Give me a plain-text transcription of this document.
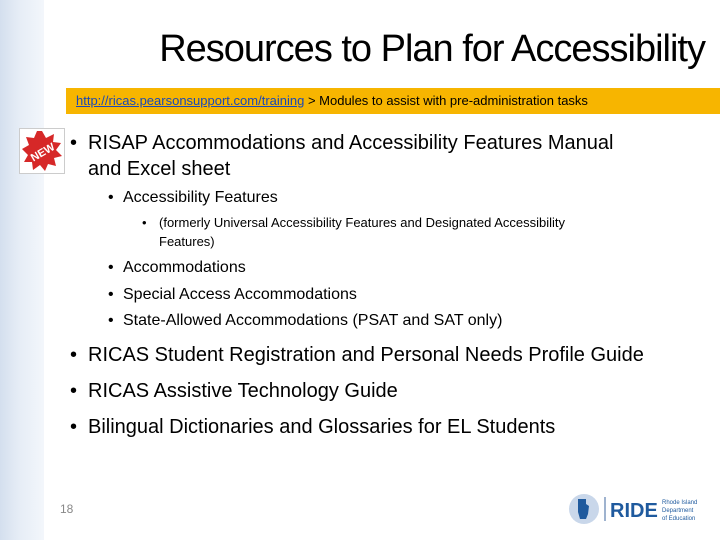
Resources to Plan for Accessibility
http://ricas.pearsonsupport.com/training > Modules to assist with pre-administration tasks
NEW • RISAP Accommodations and Accessibility Features Manual
and Excel sheet
• Accessibility Features
• (formerly Universal Accessibility Features and Designated Accessibility
Features)
• Accommodations
• Special Access Accommodations
• State-Allowed Accommodations (PSAT and SAT only)
• RICAS Student Registration and Personal Needs Profile Guide
• RICAS Assistive Technology Guide
• Bilingual Dictionaries and Glossaries for EL Students
18	RIDE Rhode Island
Department
of Education
